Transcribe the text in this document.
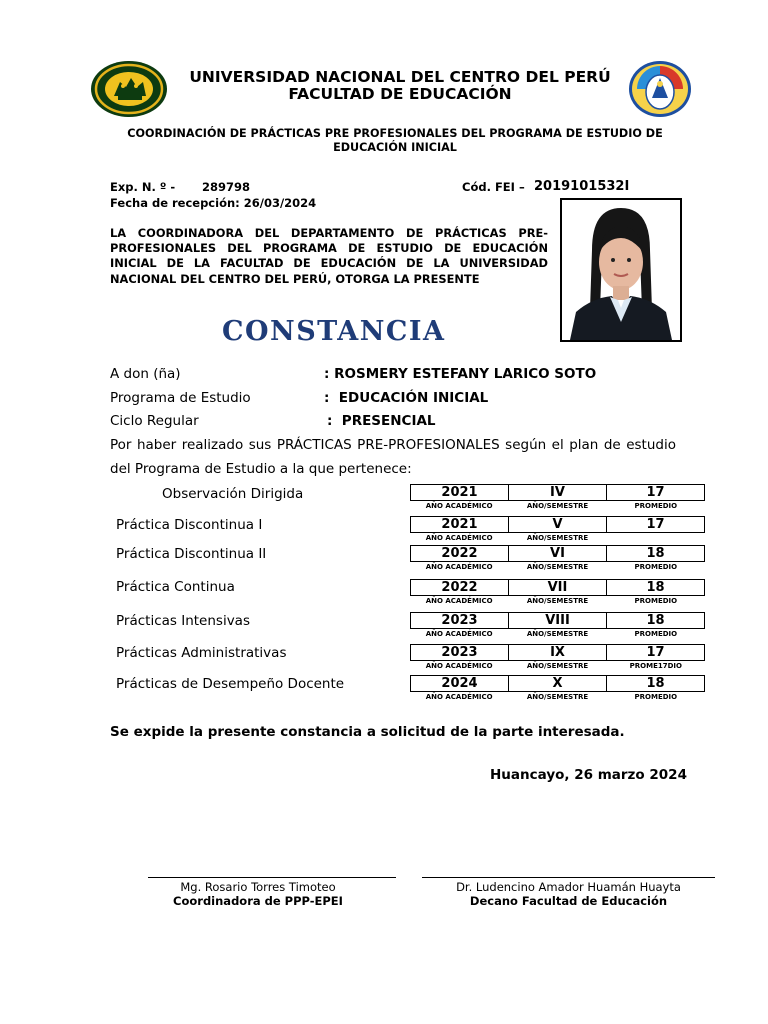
UNIVERSIDAD NACIONAL DEL CENTRO DEL PERÚ
FACULTAD DE EDUCACIÓN
COORDINACIÓN DE PRÁCTICAS PRE PROFESIONALES DEL PROGRAMA DE ESTUDIO DE EDUCACIÓN INICIAL
Exp. N. º - 289798	Cód. FEI – 2019101532I
Fecha de recepción: 26/03/2024
LA COORDINADORA DEL DEPARTAMENTO DE PRÁCTICAS PRE-PROFESIONALES DEL PROGRAMA DE ESTUDIO DE EDUCACIÓN INICIAL DE LA FACULTAD DE EDUCACIÓN DE LA UNIVERSIDAD NACIONAL DEL CENTRO DEL PERÚ, OTORGA LA PRESENTE
CONSTANCIA
A don (ña)	: ROSMERY ESTEFANY LARICO SOTO
Programa de Estudio	:  EDUCACIÓN INICIAL
Ciclo Regular	:  PRESENCIAL
Por haber realizado sus PRÁCTICAS PRE-PROFESIONALES según el plan de estudio del Programa de Estudio a la que pertenece:
Observación Dirigida	2021	IV	17
AÑO ACADÉMICO	AÑO/SEMESTRE	PROMEDIO
Práctica Discontinua I	2021	V	17
AÑO ACADÉMICO	AÑO/SEMESTRE
Práctica Discontinua II	2022	VI	18
AÑO ACADÉMICO	AÑO/SEMESTRE	PROMEDIO
Práctica Continua	2022	VII	18
AÑO ACADÉMICO	AÑO/SEMESTRE	PROMEDIO
Prácticas Intensivas	2023	VIII	18
AÑO ACADÉMICO	AÑO/SEMESTRE	PROMEDIO
Prácticas Administrativas	2023	IX	17
AÑO ACADÉMICO	AÑO/SEMESTRE	PROME17DIO
Prácticas de Desempeño Docente	2024	X	18
AÑO ACADÉMICO	AÑO/SEMESTRE	PROMEDIO
Se expide la presente constancia a solicitud de la parte interesada.
Huancayo, 26 marzo 2024
Mg. Rosario Torres Timoteo
Coordinadora de PPP-EPEI
Dr. Ludencino Amador Huamán Huayta
Decano Facultad de Educación
